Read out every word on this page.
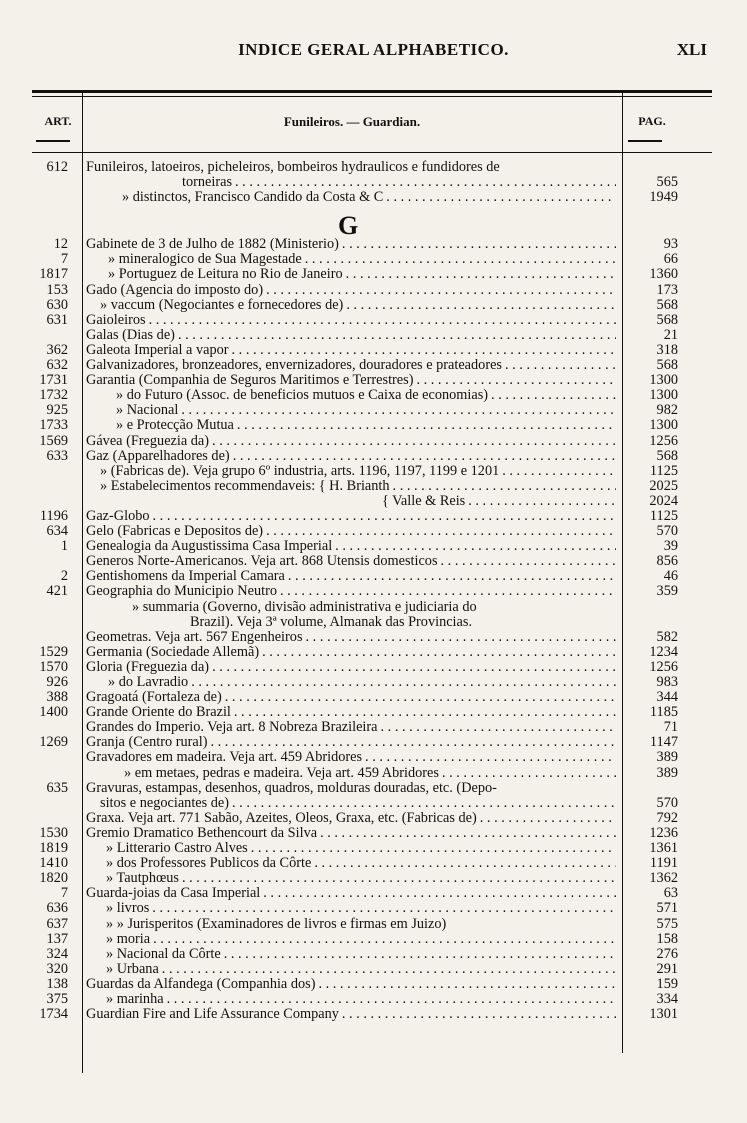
INDICE GERAL ALPHABETICO.	XLI
ART.	Funileiros. — Guardian.	PAG.
612 Funileiros, latoeiros, picheleiros, bombeiros hydraulicos e fundidores de
torneiras . . .	565
» distinctos, Francisco Candido da Costa & C . . .	1949
G
12 Gabinete de 3 de Julho de 1882 (Ministerio) . . .	93
7	» mineralogico de Sua Magestade . . .	66
1817	» Portuguez de Leitura no Rio de Janeiro . . .	1360
153 Gado (Agencia do imposto do) . . .	173
630 » vaccum (Negociantes e fornecedores de) . . .	568
631 Gaioleiros . . .	568
Galas (Dias de) . . .	21
362 Galeota Imperial a vapor . . .	318
632 Galvanizadores, bronzeadores, envernizadores, douradores e prateadores . . .	568
1731 Garantia (Companhia de Seguros Maritimos e Terrestres) . . .	1300
1732	» do Futuro (Assoc. de beneficios mutuos e Caixa de economias) . . .	1300
925	» Nacional . . .	982
1733	» e Protecção Mutua . . .	1300
1569 Gávea (Freguezia da) . . .	1256
633 Gaz (Apparelhadores de) . . .	568
» (Fabricas de). Veja grupo 6º industria, arts. 1196, 1197, 1199 e 1201 . . .	1125
» Estabelecimentos recommendaveis: { H. Brianth . . .	2025
{ Valle & Reis . . .	2024
1196 Gaz-Globo . . .	1125
634 Gelo (Fabricas e Depositos de) . . .	570
1 Genealogia da Augustissima Casa Imperial . . .	39
Generos Norte-Americanos. Veja art. 868 Utensis domesticos . . .	856
2 Gentishomens da Imperial Camara . . .	46
421 Geographia do Municipio Neutro . . .	359
» summaria (Governo, divisão administrativa e judiciaria do
Brazil). Veja 3ª volume, Almanak das Provincias.
Geometras. Veja art. 567 Engenheiros . . .	582
1529 Germania (Sociedade Allemã) . . .	1234
1570 Gloria (Freguezia da) . . .	1256
926	» do Lavradio . . .	983
388 Gragoatá (Fortaleza de) . . .	344
1400 Grande Oriente do Brazil . . .	1185
Grandes do Imperio. Veja art. 8 Nobreza Brazileira . . .	71
1269 Granja (Centro rural) . . .	1147
Gravadores em madeira. Veja art. 459 Abridores . . .	389
» em metaes, pedras e madeira. Veja art. 459 Abridores . . .	389
635 Gravuras, estampas, desenhos, quadros, molduras douradas, etc. (Depo-
sitos e negociantes de) . . .	570
Graxa. Veja art. 771 Sabão, Azeites, Oleos, Graxa, etc. (Fabricas de) . . .	792
1530 Gremio Dramatico Bethencourt da Silva . . .	1236
1819	» Litterario Castro Alves . . .	1361
1410	» dos Professores Publicos da Côrte . . .	1191
1820	» Tautphœus . . .	1362
7 Guarda-joias da Casa Imperial . . .	63
636	» livros . . .	571
637	» » Jurisperitos (Examinadores de livros e firmas em Juizo)	575
137	» moria . . .	158
324	» Nacional da Côrte . . .	276
320	» Urbana . . .	291
138 Guardas da Alfandega (Companhia dos) . . .	159
375	» marinha . . .	334
1734 Guardian Fire and Life Assurance Company . . .	1301
